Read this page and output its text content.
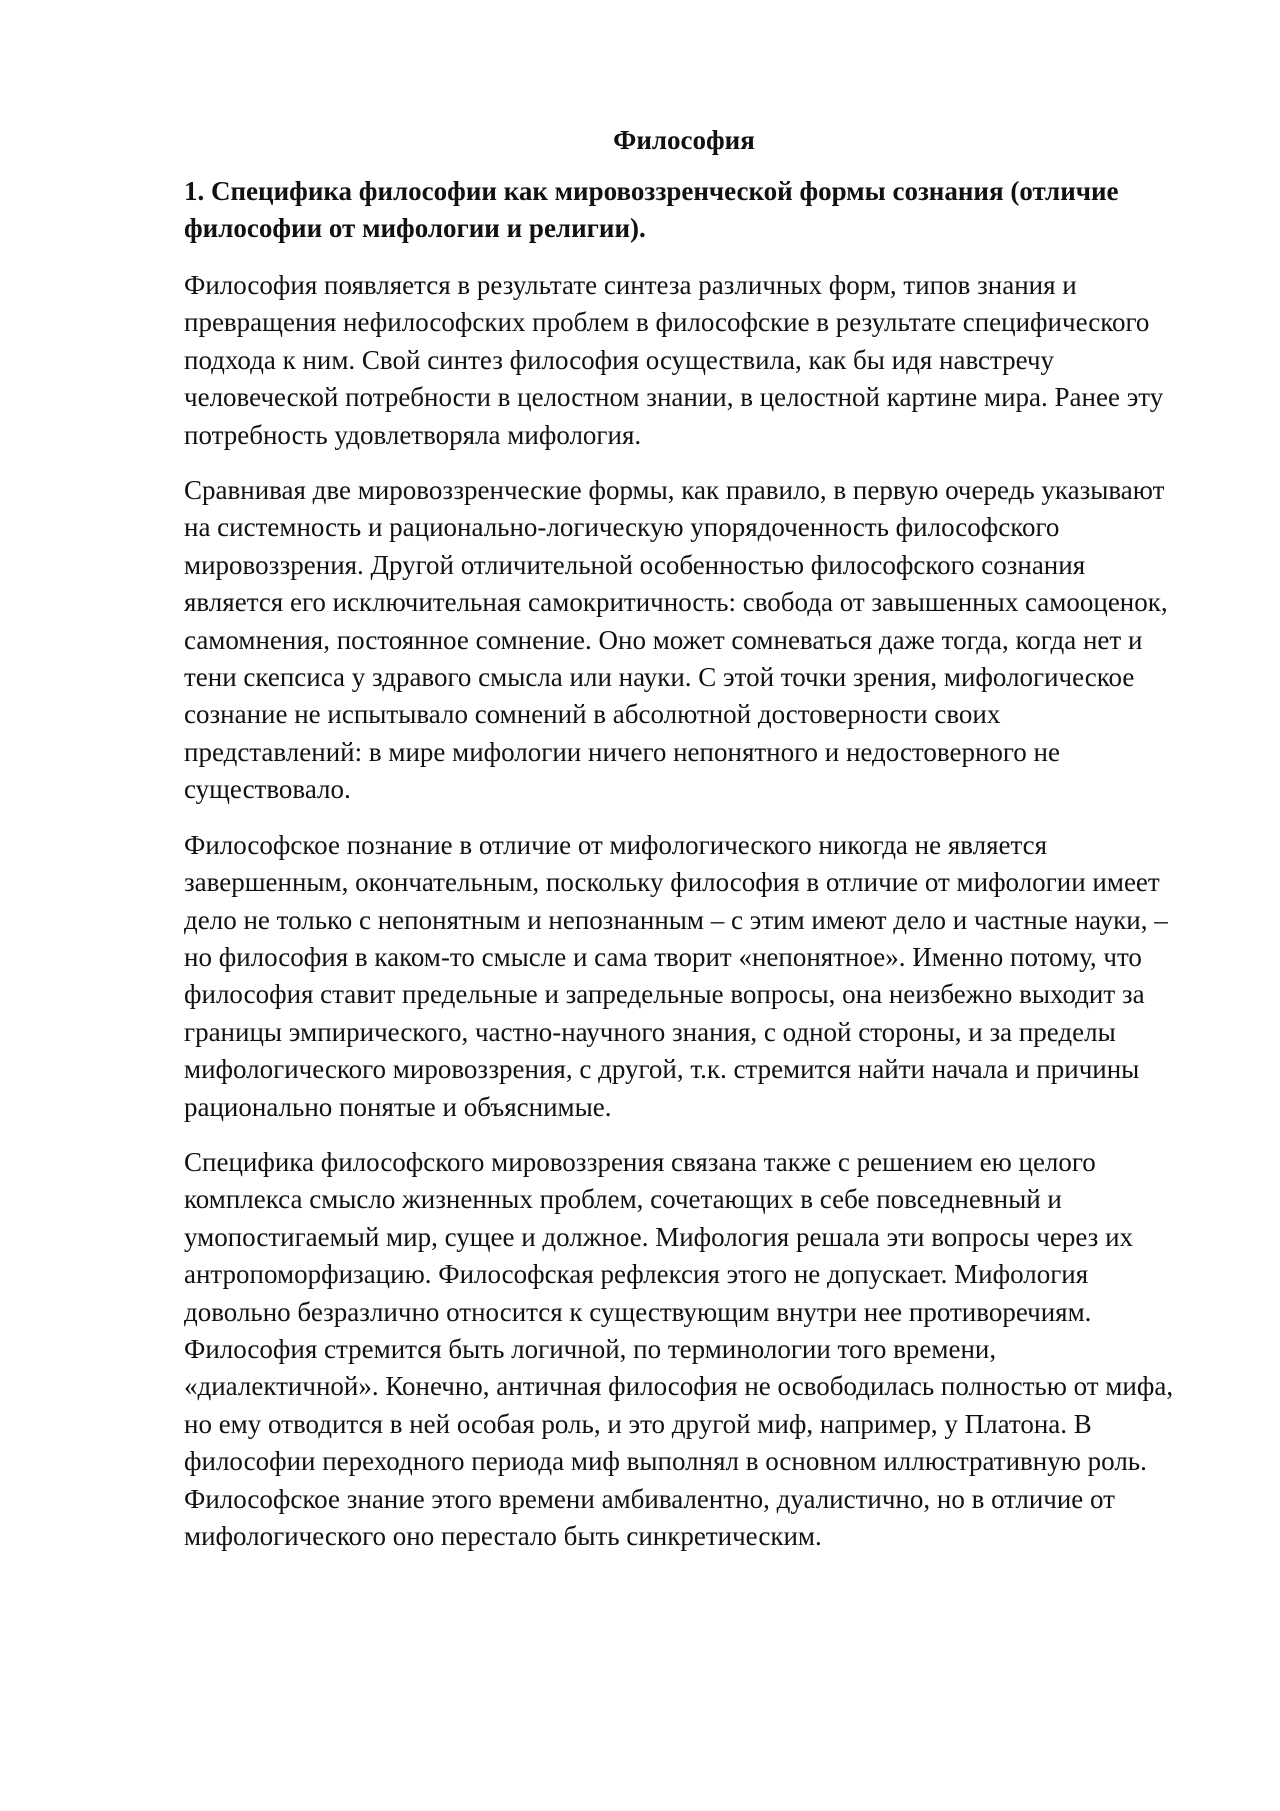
Философия
1. Специфика философии как мировоззренческой формы сознания (отличие философии от мифологии и религии).

Философия появляется в результате синтеза различных форм, типов знания и превращения нефилософских проблем в философские в результате специфического подхода к ним. Свой синтез философия осуществила, как бы идя навстречу человеческой потребности в целостном знании, в целостной картине мира. Ранее эту потребность удовлетворяла мифология.

Сравнивая две мировоззренческие формы, как правило, в первую очередь указывают на системность и рационально-логическую упорядоченность философского мировоззрения. Другой отличительной особенностью философского сознания является его исключительная самокритичность: свобода от завышенных самооценок, самомнения, постоянное сомнение. Оно может сомневаться даже тогда, когда нет и тени скепсиса у здравого смысла или науки. С этой точки зрения, мифологическое сознание не испытывало сомнений в абсолютной достоверности своих представлений: в мире мифологии ничего непонятного и недостоверного не существовало.

Философское познание в отличие от мифологического никогда не является завершенным, окончательным, поскольку философия в отличие от мифологии имеет дело не только с непонятным и непознанным – с этим имеют дело и частные науки, – но философия в каком-то смысле и сама творит «непонятное». Именно потому, что философия ставит предельные и запредельные вопросы, она неизбежно выходит за границы эмпирического, частно-научного знания, с одной стороны, и за пределы мифологического мировоззрения, с другой, т.к. стремится найти начала и причины рационально понятые и объяснимые.

Специфика философского мировоззрения связана также с решением ею целого комплекса смысло жизненных проблем, сочетающих в себе повседневный и умопостигаемый мир, сущее и должное. Мифология решала эти вопросы через их антропоморфизацию. Философская рефлексия этого не допускает. Мифология довольно безразлично относится к существующим внутри нее противоречиям. Философия стремится быть логичной, по терминологии того времени, «диалектичной». Конечно, античная философия не освободилась полностью от мифа, но ему отводится в ней особая роль, и это другой миф, например, у Платона. В философии переходного периода миф выполнял в основном иллюстративную роль. Философское знание этого времени амбивалентно, дуалистично, но в отличие от мифологического оно перестало быть синкретическим.
